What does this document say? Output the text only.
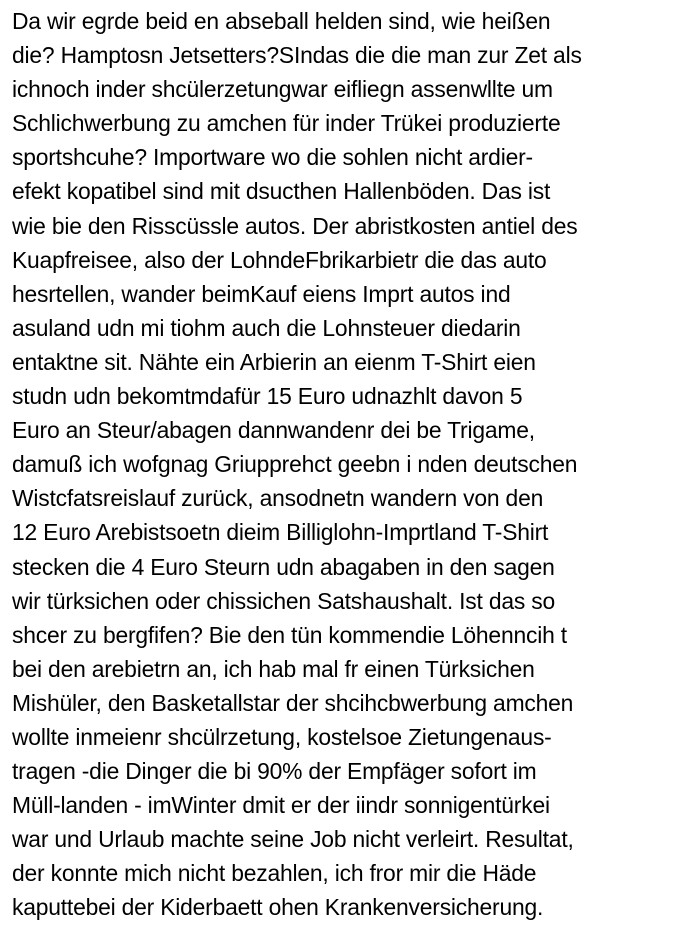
Da wir egrde beid en abseball helden sind, wie heißen
die? Hamptosn Jetsetters?SIndas die die man zur Zet als
ichnoch inder shcülerzetungwar eifliegn assenwllte um
Schlichwerbung zu amchen für inder Trükei produzierte
sportshcuhe? Importware wo die sohlen nicht ardier-
efekt kopatibel sind mit dsucthen Hallenböden. Das ist
wie bie den Risscüssle autos. Der abristkosten antiel des
Kuapfreisee, also der LohndeFbrikarbietr die das auto
hesrtellen, wander beimKauf eiens Imprt autos ind
asuland udn mi tiohm auch die Lohnsteuer diedarin
entaktne sit. Nähte ein Arbierin an eienm T-Shirt eien
studn udn bekomtmdafür 15 Euro udnazhlt davon 5
Euro an Steur/abagen dannwandenr dei be Trigame,
damuß ich wofgnag Griupprehct geebn i nden deutschen
Wistcfatsreislauf zurück, ansodnetn wandern von den
12 Euro Arebistsoetn dieim Billiglohn-Imprtland T-Shirt
stecken die 4 Euro Steurn udn abagaben in den sagen
wir türksichen oder chissichen Satshaushalt. Ist das so
shcer zu bergfifen? Bie den tün kommendie Löhenncih t
bei den arebietrn an, ich hab mal fr einen Türksichen
Mishüler, den Basketallstar der shcihcbwerbung amchen
wollte inmeienr shcülrzetung, kostelsoe Zietungenaus-
tragen -die Dinger die bi 90% der Empfäger sofort im
Müll-landen - imWinter dmit er der iindr sonnigentürkei
war und Urlaub machte seine Job nicht verleirt. Resultat,
der konnte mich nicht bezahlen, ich fror mir die Häde
kaputtebei der Kiderbaett ohen Krankenversicherung.
